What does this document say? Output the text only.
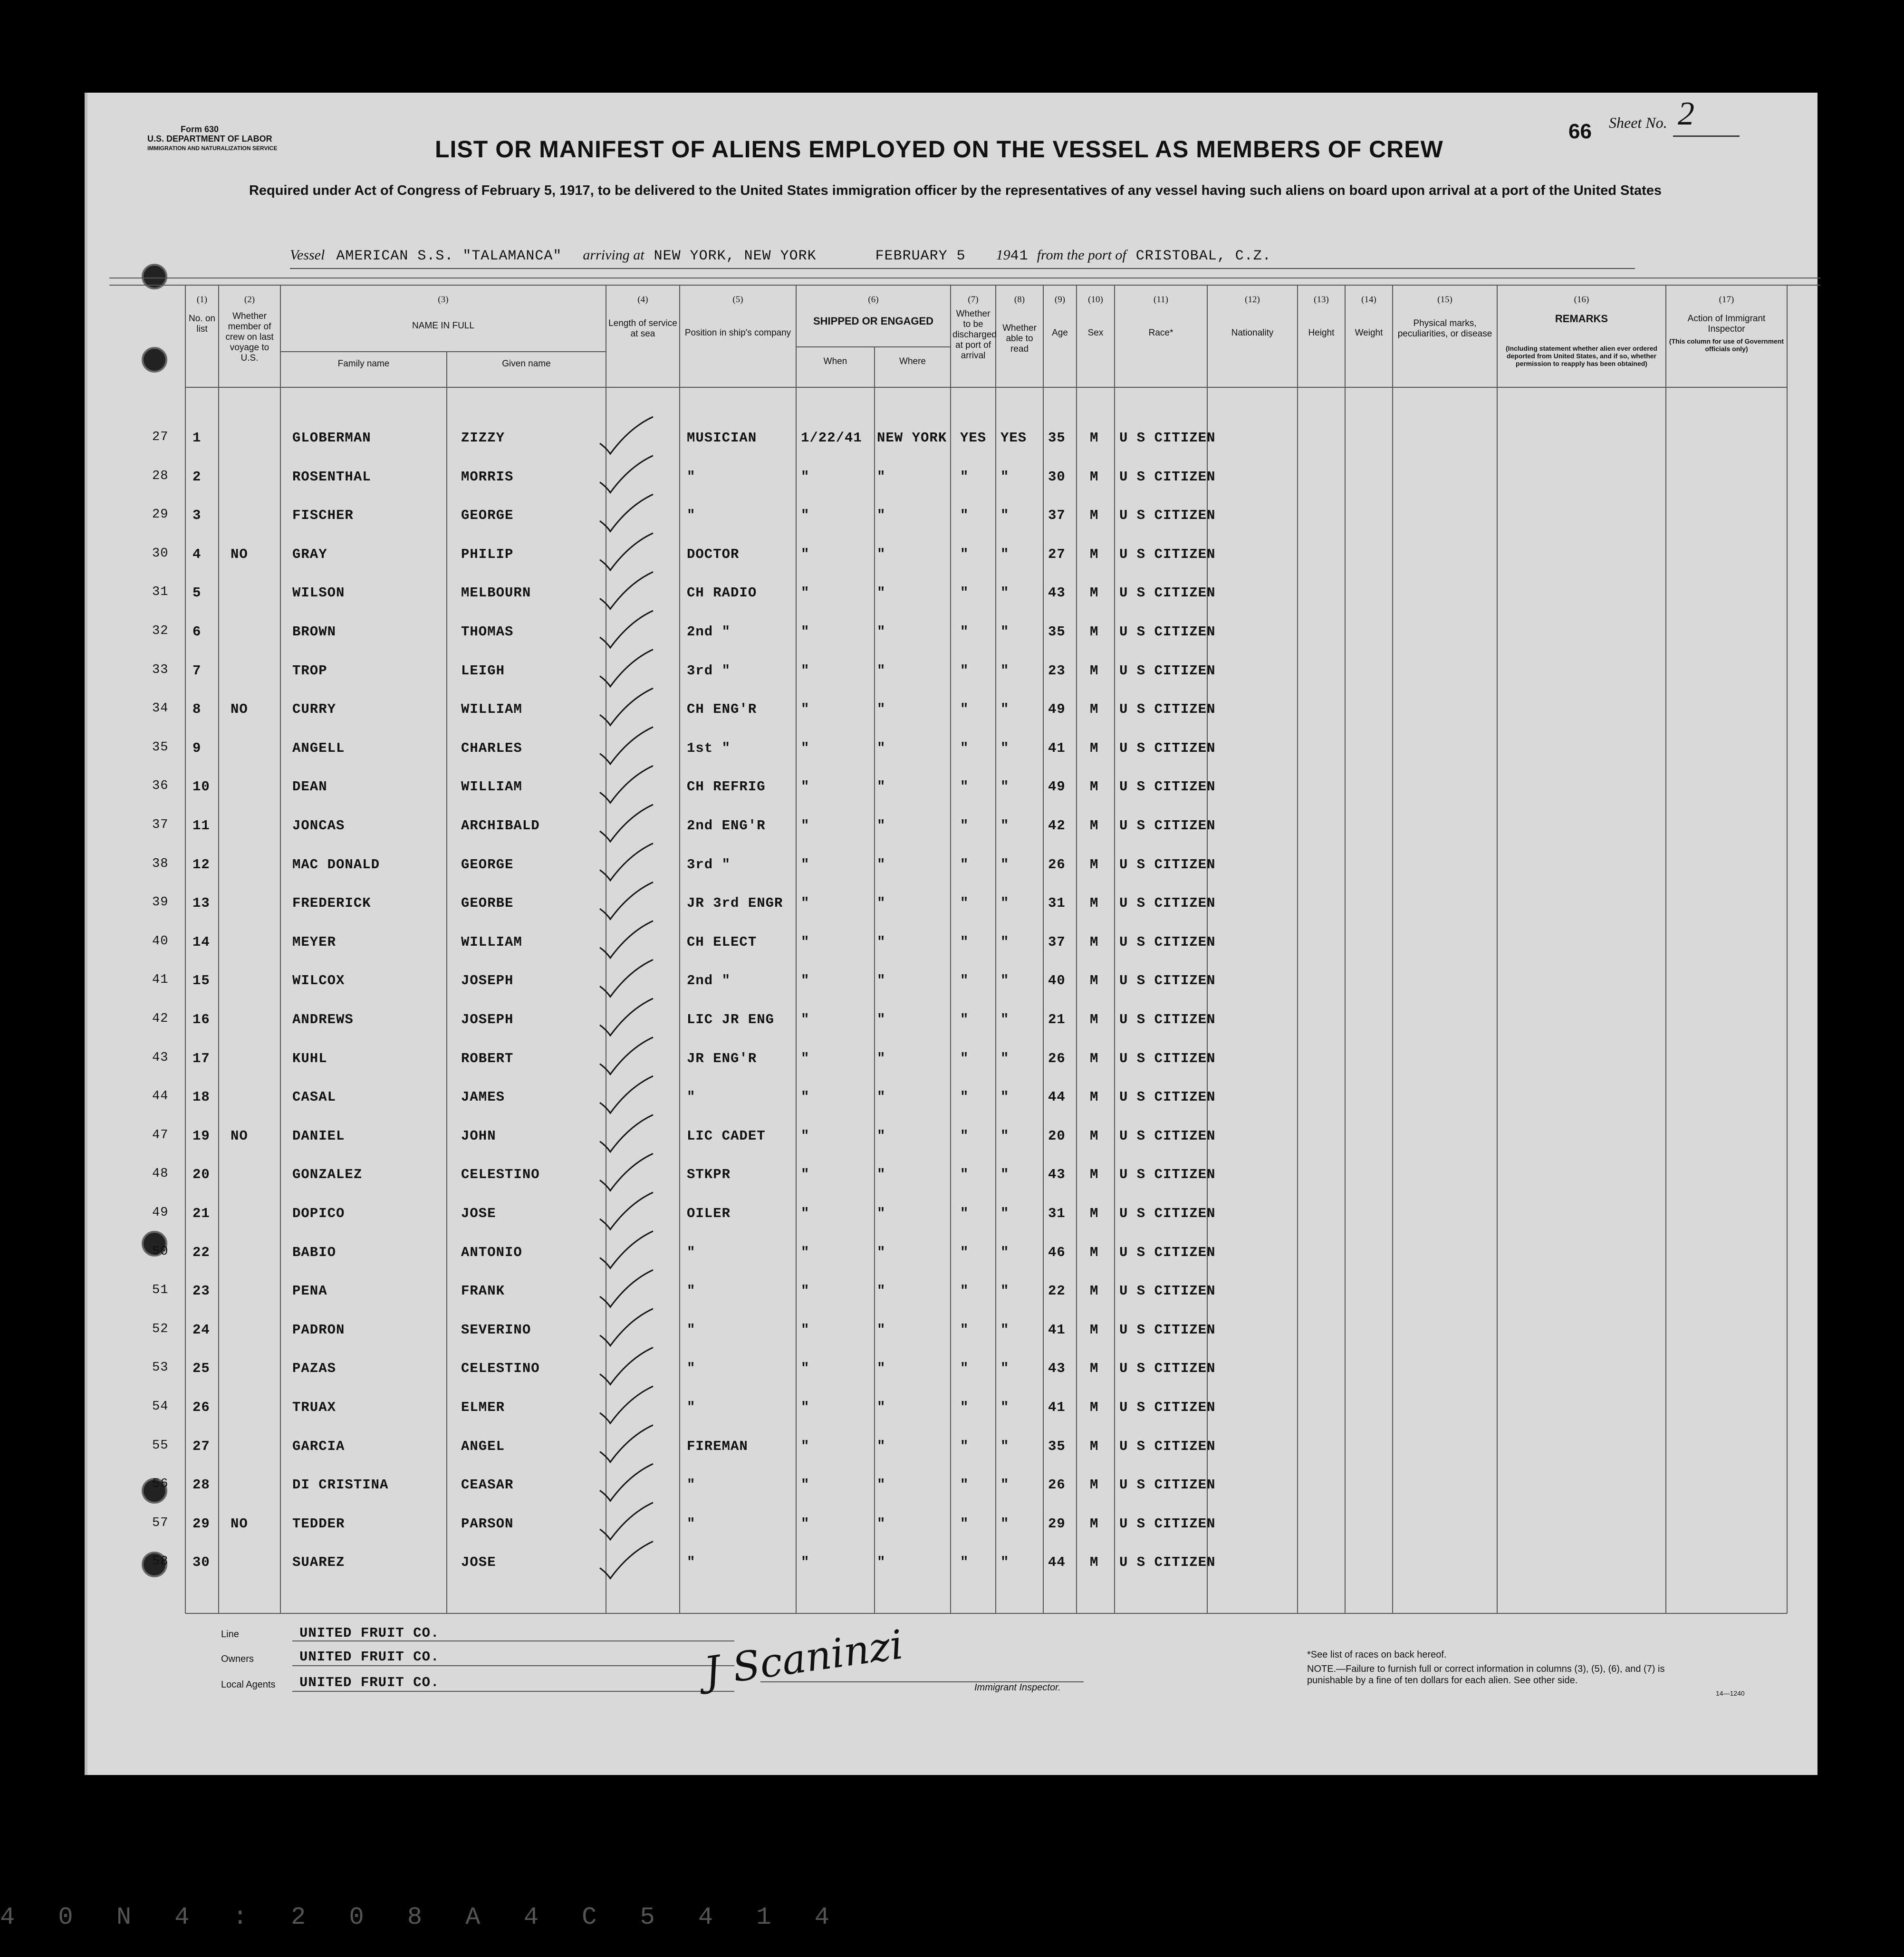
Form 630
U.S. DEPARTMENT OF LABOR
IMMIGRATION AND NATURALIZATION SERVICE
66 Sheet No. 2
LIST OR MANIFEST OF ALIENS EMPLOYED ON THE VESSEL AS MEMBERS OF CREW
Required under Act of Congress of February 5, 1917, to be delivered to the United States immigration officer by the representatives of any vessel having such aliens on board upon arrival at a port of the United States
Vessel AMERICAN S.S. "TALAMANCA" arriving at NEW YORK, NEW YORK	FEBRUARY 5 1941 from the port of CRISTOBAL, C.Z.
(1)
No. on list
(2)
Whether member of crew on last voyage to U.S.
(3)
NAME IN FULL
Family name	Given name
(4)
Length of service at sea
(5)
Position in ship's company
(6)
SHIPPED OR ENGAGED
When	Where
(7)
Whether to be discharged at port of arrival
(8)
Whether able to read
(9)
Age
(10)
Sex
(11)
Race*
(12)
Nationality
(13)
Height
(14)
Weight
(15)
Physical marks, peculiarities, or disease
(16)
REMARKS
(Including statement whether alien ever ordered deported from United States, and if so, whether permission to reapply has been obtained)
(17)
Action of Immigrant Inspector
(This column for use of Government officials only)
27 1	GLOBERMAN	ZIZZY	MUSICIAN	1/22/41 NEW YORK YES YES 35 M U S CITIZEN
28 2	ROSENTHAL	MORRIS	"	"	"	" "	30 M U S CITIZEN
29 3	FISCHER	GEORGE	"	"	"	" "	37 M U S CITIZEN
30 4 NO	GRAY	PHILIP	DOCTOR	"	"	" "	27 M U S CITIZEN
31 5	WILSON	MELBOURN	CH RADIO	"	"	" "	43 M U S CITIZEN
32 6	BROWN	THOMAS	2nd "	"	"	" "	35 M U S CITIZEN
33 7	TROP	LEIGH	3rd "	"	"	" "	23 M U S CITIZEN
34 8 NO	CURRY	WILLIAM	CH ENG'R	"	"	" "	49 M U S CITIZEN
35 9	ANGELL	CHARLES	1st "	"	"	" "	41 M U S CITIZEN
36 10	DEAN	WILLIAM	CH REFRIG	"	"	" "	49 M U S CITIZEN
37 11	JONCAS	ARCHIBALD	2nd ENG'R	"	"	" "	42 M U S CITIZEN
38 12	MAC DONALD	GEORGE	3rd "	"	"	" "	26 M U S CITIZEN
39 13	FREDERICK	GEORBE	JR 3rd ENGR "	"	" "	31 M U S CITIZEN
40 14	MEYER	WILLIAM	CH ELECT	"	"	" "	37 M U S CITIZEN
41 15	WILCOX	JOSEPH	2nd "	"	"	" "	40 M U S CITIZEN
42 16	ANDREWS	JOSEPH	LIC JR ENG "	"	" "	21 M U S CITIZEN
43 17	KUHL	ROBERT	JR ENG'R	"	"	" "	26 M U S CITIZEN
44 18	CASAL	JAMES	"	"	"	" "	44 M U S CITIZEN
47 19 NO	DANIEL	JOHN	LIC CADET	"	"	" "	20 M U S CITIZEN
48 20	GONZALEZ	CELESTINO	STKPR	"	"	" "	43 M U S CITIZEN
49 21	DOPICO	JOSE	OILER	"	"	" "	31 M U S CITIZEN
50 22	BABIO	ANTONIO	"	"	"	" "	46 M U S CITIZEN
51 23	PENA	FRANK	"	"	"	" "	22 M U S CITIZEN
52 24	PADRON	SEVERINO	"	"	"	" "	41 M U S CITIZEN
53 25	PAZAS	CELESTINO	"	"	"	" "	43 M U S CITIZEN
54 26	TRUAX	ELMER	"	"	"	" "	41 M U S CITIZEN
55 27	GARCIA	ANGEL	FIREMAN	"	"	" "	35 M U S CITIZEN
56 28	DI CRISTINA	CEASAR	"	"	"	" "	26 M U S CITIZEN
57 29 NO	TEDDER	PARSON	"	"	"	" "	29 M U S CITIZEN
58 30	SUAREZ	JOSE	"	"	"	" "	44 M U S CITIZEN
Line	UNITED FRUIT CO.
Owners	UNITED FRUIT CO.
Local Agents UNITED FRUIT CO.	J Scaninzi	Immigrant Inspector.
*See list of races on back hereof.
NOTE.—Failure to furnish full or correct information in columns (3), (5), (6), and (7) is punishable by a fine of ten dollars for each alien. See other side.
14—1240
4 0 N 4 : 2 0 8 A 4 C 5 4 1 4
